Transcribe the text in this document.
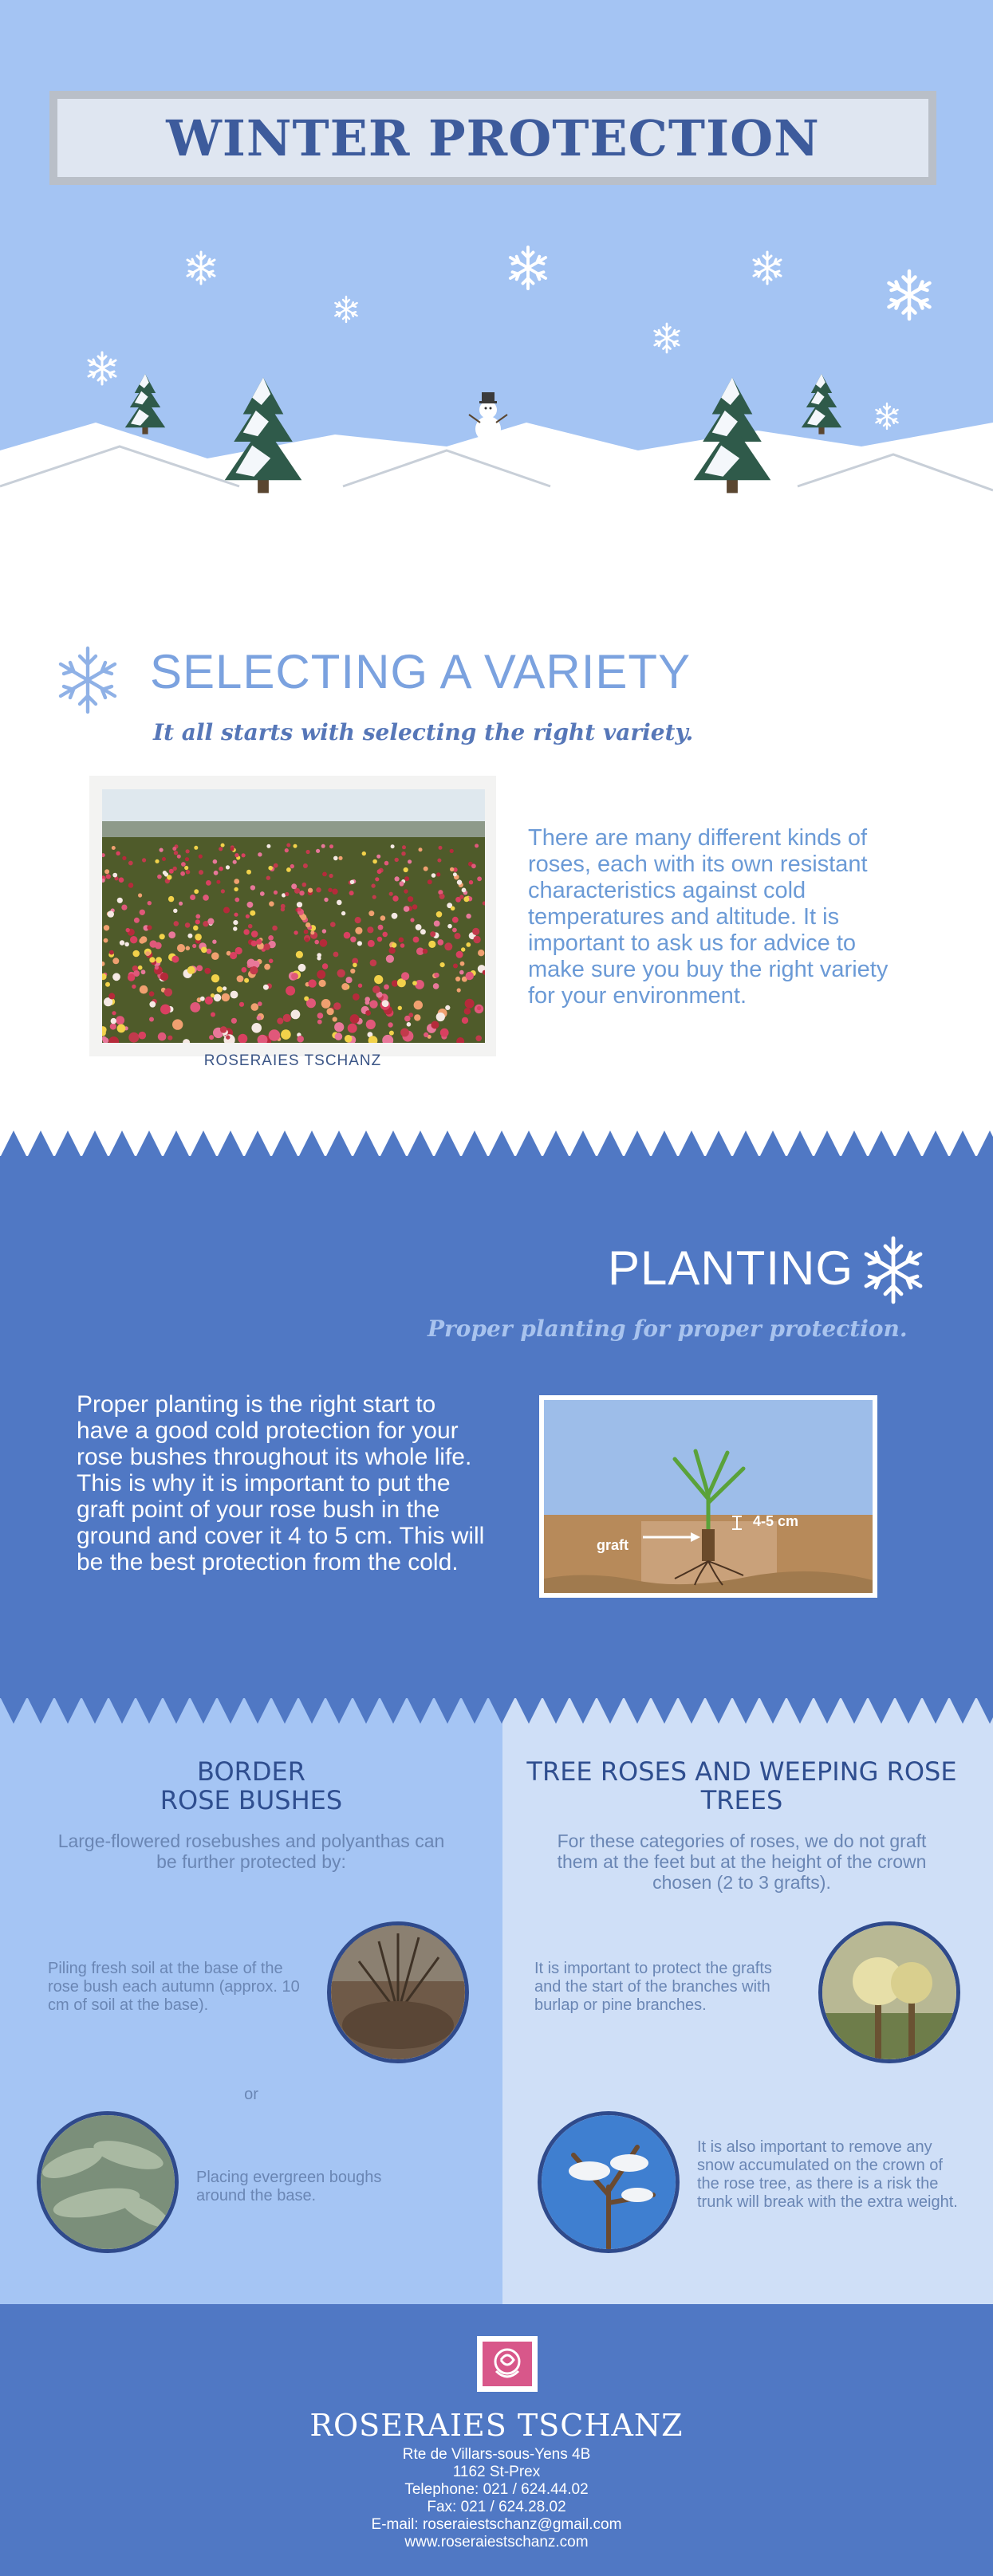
WINTER PROTECTION
SELECTING A VARIETY
It all starts with selecting the right variety.
ROSERAIES TSCHANZ
There are many different kinds of roses, each with its own resistant characteristics against cold temperatures and altitude. It is important to ask us for advice to make sure you buy the right variety for your environment.
PLANTING
Proper planting for proper protection.
Proper planting is the right start to have a good cold protection for your rose bushes throughout its whole life. This is why it is important to put the graft point of your rose bush in the ground and cover it 4 to 5 cm. This will be the best protection from the cold.
graft
4-5 cm
BORDER
ROSE BUSHES
Large-flowered rosebushes and polyanthas can be further protected by:
Piling fresh soil at the base of the rose bush each autumn (approx. 10 cm of soil at the base).
or
Placing evergreen boughs around the base.
TREE ROSES AND WEEPING ROSE TREES
For these categories of roses, we do not graft them at the feet but at the height of the crown chosen (2 to 3 grafts).
It is important to protect the grafts and the start of the branches with burlap or pine branches.
It is also important to remove any snow accumulated on the crown of the rose tree, as there is a risk the trunk will break with the extra weight.
ROSERAIES TSCHANZ
Rte de Villars-sous-Yens 4B
1162 St-Prex
Telephone: 021 / 624.44.02
Fax: 021 / 624.28.02
E-mail: roseraiestschanz@gmail.com
www.roseraiestschanz.com
